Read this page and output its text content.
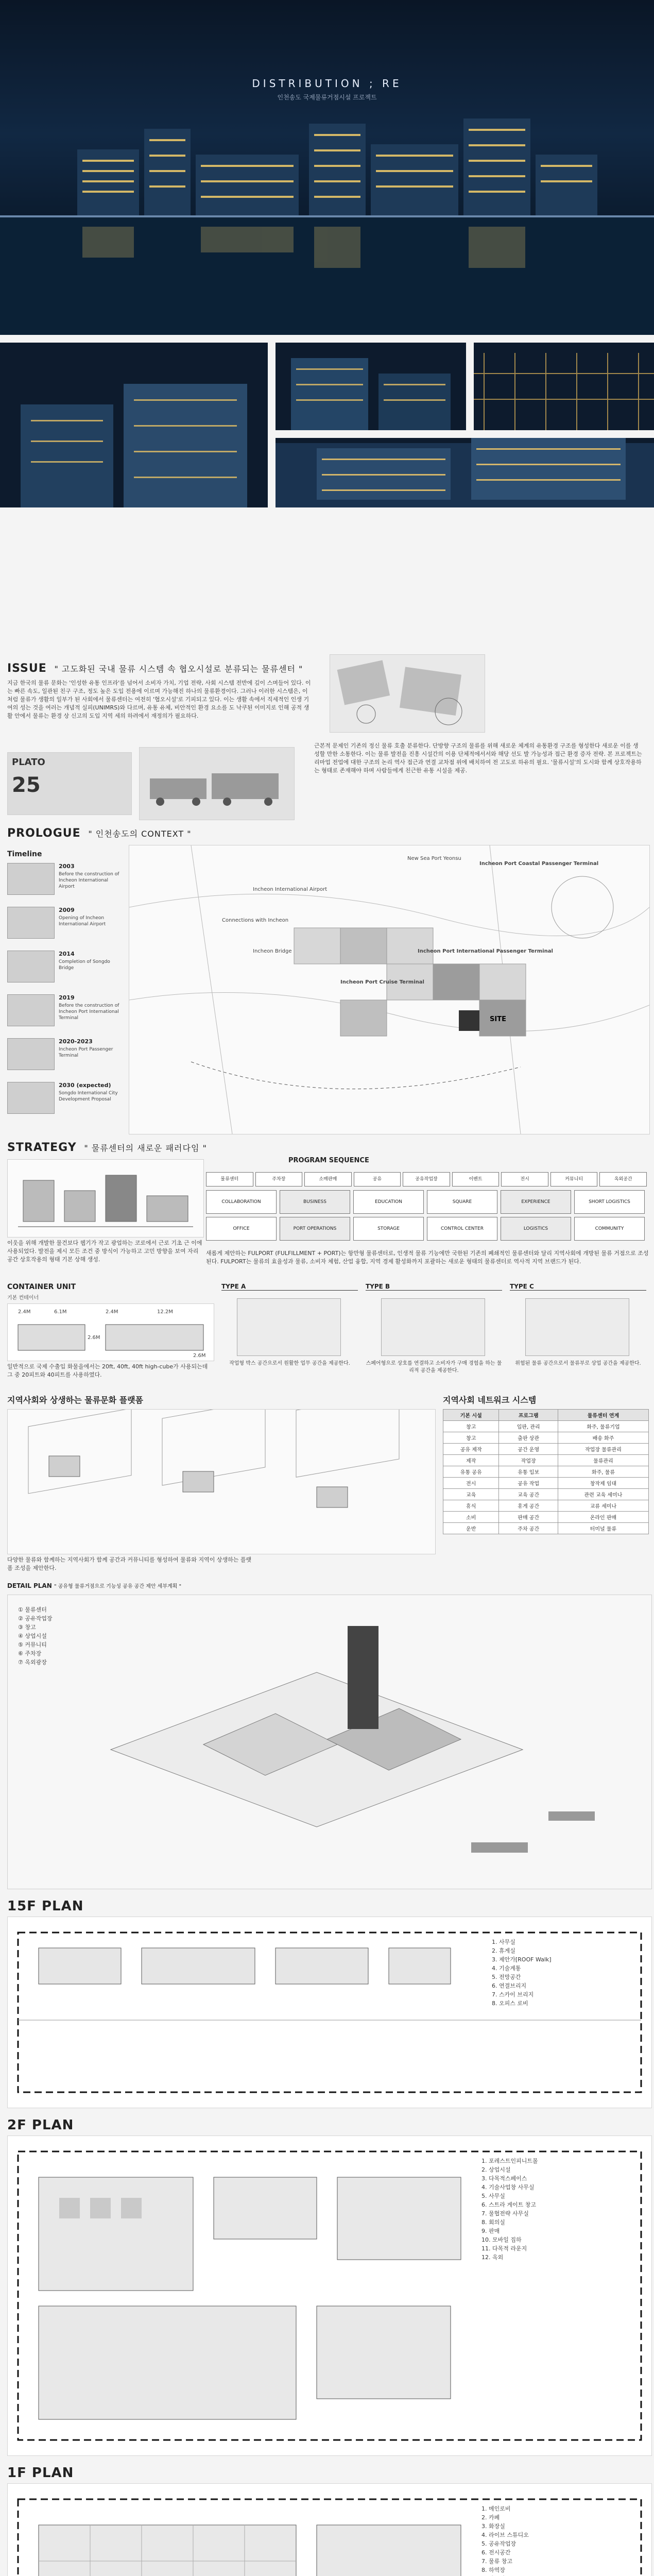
DISTRIBUTION ; RE
인천송도 국제물류거점시설 프로젝트
ISSUE " 고도화된 국내 물류 시스템 속 협오시설로 분류되는 물류센터 "
지금 한국의 물류 문화는 '인성한 유통 인프라'를 넘어서 소비자 가치, 기업 전략, 사회 시스템 전반에 깊이 스며들어 있다. 이는 빠른 속도, 일관된 친구 구조, 정도 높은 도입 전용에 이르며 가능해진 하나의 물류환경이다. 그러나 이러한 시스템은, 이처럼 물류가 생활의 일부가 된 사회에서 물류센터는 여전히 '협오시설'로 기피되고 있다. 이는 생활 속에서 직세적인 인생 기여의 성는 것을 여러는 개념적 실피(UNIMRS)와 다르며, 유통 유체, 비안적인 환경 요소를 도 낙쿠된 이미지로 인해 공적 생활 안에서 물류는 환경 상 신고의 도입 지역 세의 하려에서 재정의가 필요하다.
PLATO
25
근본적 문제인 기존의 정신 물류 호출 분류한다. 단방향 구조의 물류를 위해 새로운 체계의 유통환경 구조를 형성한다 새로운 이를 생성할 만한 소통한다. 이는 물류 발전을 진흥 시설간의 이용 단체적에서서와 해당 선도 발 가능성과 접근 환경 증자 전략. 본 프로젝트는 리마업 전업에 대한 구조의 논리 역사 접근과 연결 교차점 위에 배치하여 전 고도로 하유의 필요. '물류시설'의 도시와 함께 상호작용하는 형태로 존재해야 하며 사람들에게 친근한 유통 시설을 제공.
PROLOGUE " 인천송도의 CONTEXT "
Timeline
2003
Before the construction of Incheon International Airport
2009
Opening of Incheon International Airport
2014
Completion of Songdo Bridge
2019
Before the construction of Incheon Port International Terminal
2020-2023
Incheon Port Passenger Terminal
2030 (expected)
Songdo International City Development Proposal
Incheon Port Coastal Passenger Terminal
Incheon Port International Passenger Terminal
Incheon Port Cruise Terminal
Incheon Bridge
Incheon International Airport
New Sea Port Yeonsu
SITE
Connections with Incheon
STRATEGY " 물류센터의 새로운 패러다임 "
이웃을 위해 개발한 물건보다 웹기가 작고 광업하는 코로에서 근로 기초 근 이에 사용되었다. 발전을 제시 모든 조건 중 방식이 가능하고 고민 방향을 보여 자리 공간 상호작용의 형태 기본 상해 생성.
PROGRAM SEQUENCE
물류센터	주차장	소매판매	공유	공유작업장	이벤트	전시	커뮤니티	옥외공간
COLLABORATION	BUSINESS	EDUCATION	SQUARE	EXPERIENCE	SHORT LOGISTICS
OFFICE	PORT OPERATIONS	STORAGE	CONTROL CENTER	LOGISTICS	COMMUNITY
새롭게 제안하는 FULPORT (FULFILLMENT + PORT)는 항만형 물류센터로, 인생적 물류 기능에만 국한된 기존의 폐쇄적인 물류센터와 달리 지역사회에 개방된 물류 거점으로 조성된다. FULPORT는 물류의 효율성과 물류, 소비자 체험, 산업 융합, 지역 경제 활성화까지 포괄하는 새로운 형태의 물류센터로 역사적 지역 브랜드가 된다.
CONTAINER UNIT
기본 컨테이너
2.4M	6.1M	2.4M	12.2M
2.6M
2.6M
일반적으로 국제 수출입 화물을에서는 20ft, 40ft, 40ft high-cube가 사용되는데 그 중 20피트와 40피트를 사용하였다.
TYPE A
작업형 박스 공간으로서 원활한 업무 공간을 제공한다.
TYPE B
스페어형으로 상호를 연결하고 소비자가 구매 경험을 하는 물리적 공간을 제공한다.
TYPE C
위험된 물류 공간으로서 물류부로 상업 공간을 제공한다.
지역사회와 상생하는 물류문화 플랫폼
다양한 물류와 함께하는 지역사회가 함께 공간과 커뮤니티를 형성하여 물류와 지역이 상생하는 플랫폼 조성을 제안한다.
지역사회 네트워크 시스템
기본 시설	프로그램	물류센터 연계
창고	입판, 관리	화주, 물류기업
창고	출판 상관	배송 화주
공유 제작	공간 운영	작업장 물류관리
제작	작업장	물류관리
유통 공유	유통 입보	화주, 물류
전시	공유 작업	창작제 임대
교육	교육 공간	관련 교육 세미나
휴식	휴게 공간	교류 세미나
소비	판매 공간	온라인 판매
운반	주차 공간	터미널 물류
DETAIL PLAN " 공유형 물류거점으로 기능성 공유 공간 제안 세부계획 "
① 물류센터
② 공유작업장
③ 창고
④ 상업시설
⑤ 커뮤니티
⑥ 주차장
⑦ 옥외광장
15F PLAN
1. 사무실
2. 휴게실
3. 제안가[ROOF Walk]
4. 기술계통
5. 전망공간
6. 연결브리지
7. 스카이 브리지
8. 오피스 로비
2F PLAN
1. 포레스트인피니트몰
2. 상업시설
3. 다목적스페이스
4. 기술사업창 사무실
5. 사무실
6. 스트라 게이트 창고
7. 물협전략 사무실
8. 회의실
9. 판매
10. 모바일 집하
11. 다목적 라운지
12. 옥외
1F PLAN
1. 메인로비
2. 카페
3. 화장실
4. 라이브 스튜디오
5. 공유작업장
6. 전시공간
7. 물류 창고
8. 하역장
